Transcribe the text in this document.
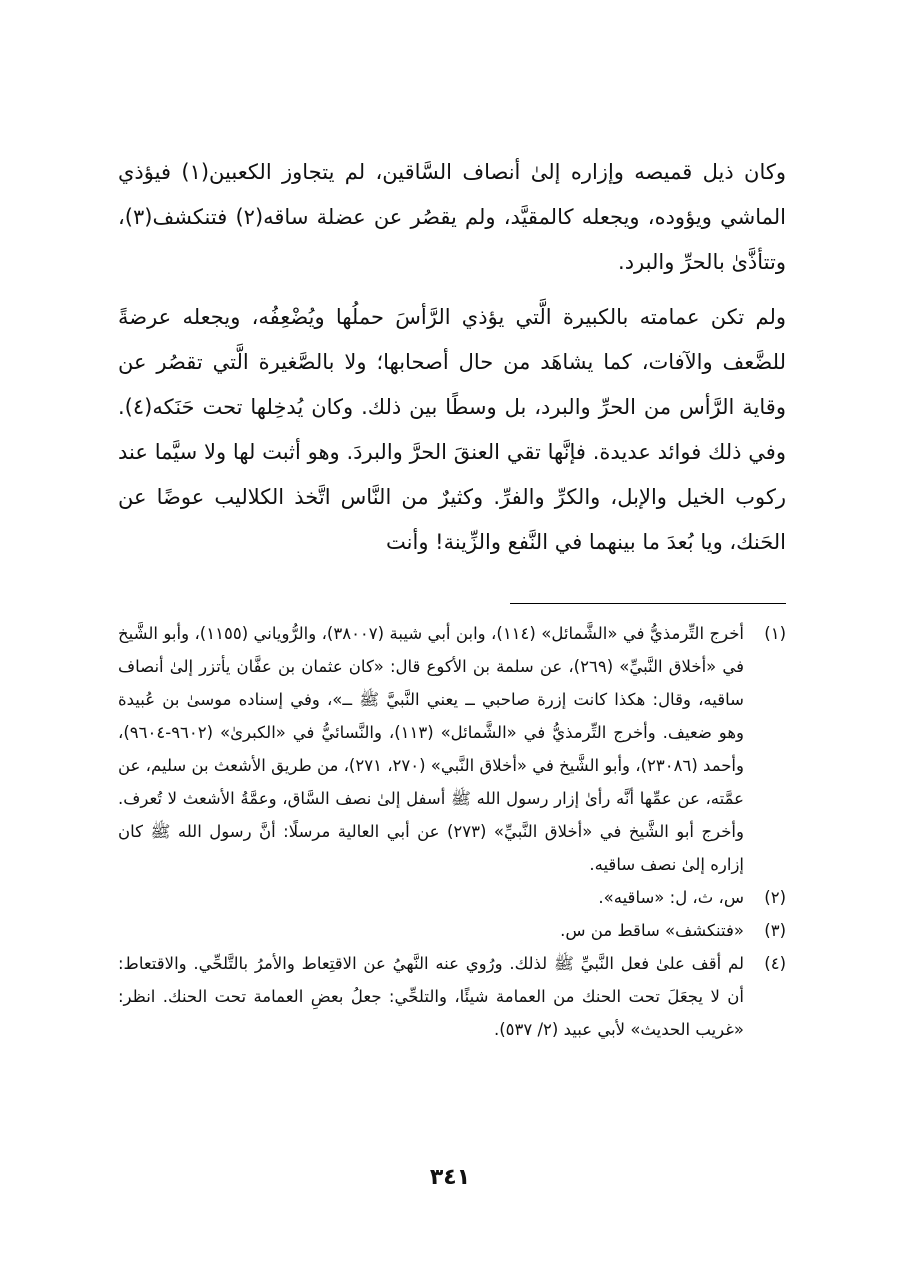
وكان ذيل قميصه وإزاره إلىٰ أنصاف السَّاقين، لم يتجاوز الكعبين(١) فيؤذي الماشي ويؤوده، ويجعله كالمقيَّد، ولم يقصُر عن عضلة ساقه(٢) فتنكشف(٣)، وتتأذَّىٰ بالحرِّ والبرد.

ولم تكن عمامته بالكبيرة الَّتي يؤذي الرَّأسَ حملُها ويُضْعِفُه، ويجعله عرضةً للضَّعف والآفات، كما يشاهَد من حال أصحابها؛ ولا بالصَّغيرة الَّتي تقصُر عن وقاية الرَّأس من الحرِّ والبرد، بل وسطًا بين ذلك. وكان يُدخِلها تحت حَنَكه(٤). وفي ذلك فوائد عديدة. فإنَّها تقي العنقَ الحرَّ والبردَ. وهو أثبت لها ولا سيَّما عند ركوب الخيل والإبل، والكرِّ والفرِّ. وكثيرٌ من النَّاس اتَّخذ الكلاليب عوضًا عن الحَنك، ويا بُعدَ ما بينهما في النَّفع والزِّينة! وأنت

(١)
أخرج التِّرمذيُّ في «الشَّمائل» (١١٤)، وابن أبي شيبة (٣٨٠٠٧)، والرُّوياني (١١٥٥)، وأبو الشَّيخ في «أخلاق النَّبيِّ» (٢٦٩)، عن سلمة بن الأكوع قال: «كان عثمان بن عفَّان يأتزر إلىٰ أنصاف ساقيه، وقال: هكذا كانت إزرة صاحبي ــ يعني النَّبيَّ ﷺ ــ»، وفي إسناده موسىٰ بن عُبيدة وهو ضعيف. وأخرج التِّرمذيُّ في «الشَّمائل» (١١٣)، والنَّسائيُّ في «الكبرىٰ» (٩٦٠٢-٩٦٠٤)، وأحمد (٢٣٠٨٦)، وأبو الشَّيخ في «أخلاق النَّبي» (٢٧٠، ٢٧١)، من طريق الأشعث بن سليم، عن عمَّته، عن عمِّها أنَّه رأىٰ إزار رسول الله ﷺ أسفل إلىٰ نصف السَّاق، وعمَّةُ الأشعث لا تُعرف. وأخرج أبو الشَّيخ في «أخلاق النَّبيِّ» (٢٧٣) عن أبي العالية مرسلًا: أنَّ رسول الله ﷺ كان إزاره إلىٰ نصف ساقيه.
(٢)
س، ث، ل: «ساقيه».
(٣)
«فتنكشف» ساقط من س.
(٤)
لم أقف علىٰ فعل النَّبيِّ ﷺ لذلك. ورُوي عنه النَّهيُ عن الاقتِعاط والأمرُ بالتَّلحِّي. والاقتعاط: أن لا يجعَلَ تحت الحنك من العمامة شيئًا، والتلحِّي: جعلُ بعضِ العمامة تحت الحنك. انظر: «غريب الحديث» لأبي عبيد (٢/ ٥٣٧).
٣٤١
